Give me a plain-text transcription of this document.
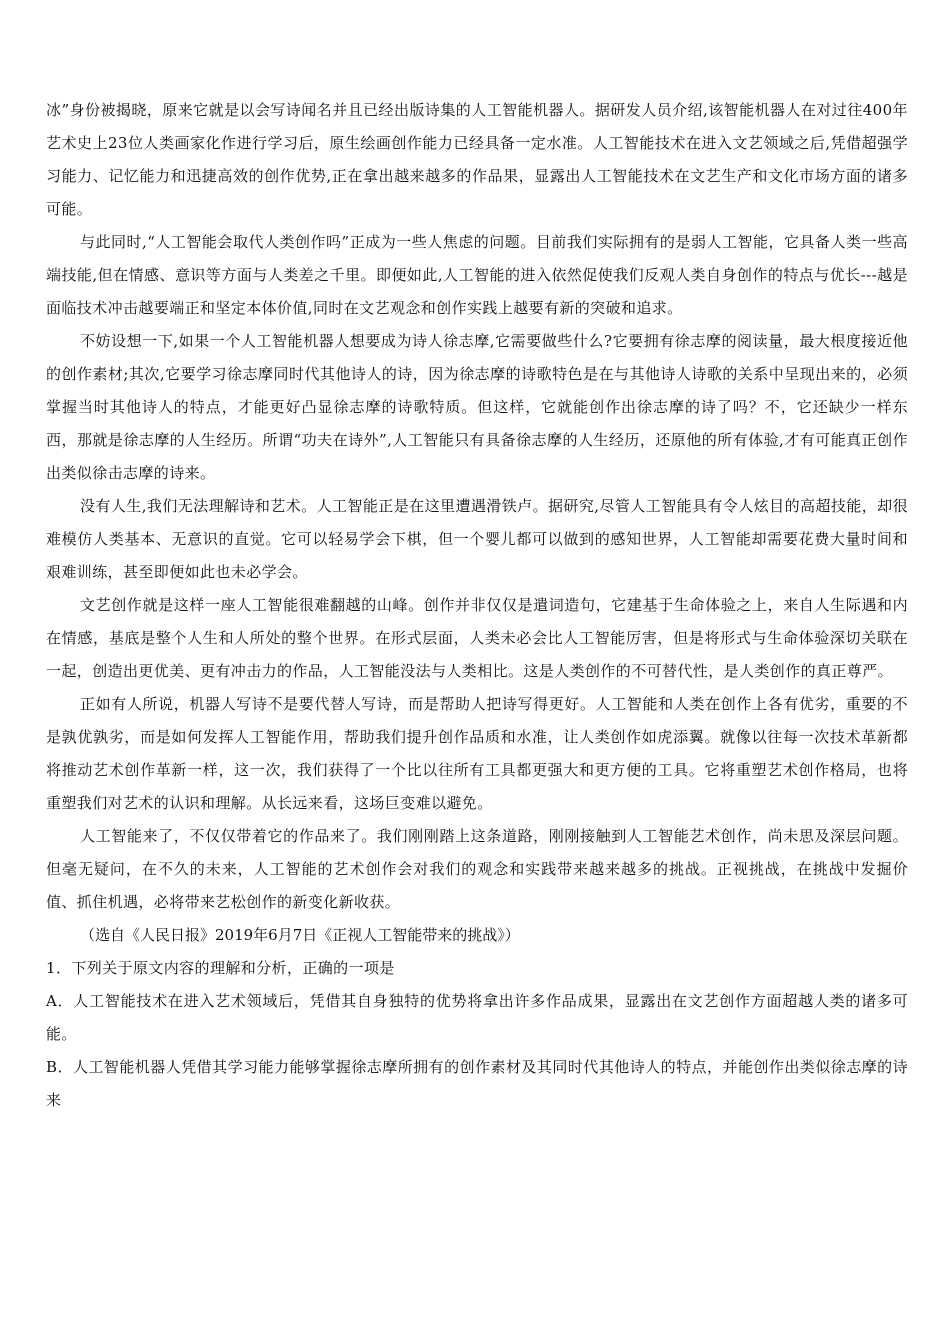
冰”身份被揭晓，原来它就是以会写诗闻名并且已经出版诗集的人工智能机器人。据研发人员介绍,该智能机器人在对过往400年艺术史上23位人类画家化作进行学习后，原生绘画创作能力已经具备一定水准。人工智能技术在进入文艺领域之后,凭借超强学习能力、记忆能力和迅捷高效的创作优势,正在拿出越来越多的作品果，显露出人工智能技术在文艺生产和文化市场方面的诸多可能。

与此同时,“人工智能会取代人类创作吗”正成为一些人焦虑的问题。目前我们实际拥有的是弱人工智能，它具备人类一些高端技能,但在情感、意识等方面与人类差之千里。即便如此,人工智能的进入依然促使我们反观人类自身创作的特点与优长---越是面临技术冲击越要端正和坚定本体价值,同时在文艺观念和创作实践上越要有新的突破和追求。

不妨设想一下,如果一个人工智能机器人想要成为诗人徐志摩,它需要做些什么?它要拥有徐志摩的阅读量，最大根度接近他的创作素材;其次,它要学习徐志摩同时代其他诗人的诗，因为徐志摩的诗歌特色是在与其他诗人诗歌的关系中呈现出来的，必须掌握当时其他诗人的特点，才能更好凸显徐志摩的诗歌特质。但这样，它就能创作出徐志摩的诗了吗？不，它还缺少一样东西，那就是徐志摩的人生经历。所谓“功夫在诗外”,人工智能只有具备徐志摩的人生经历，还原他的所有体验,才有可能真正创作出类似徐击志摩的诗来。

没有人生,我们无法理解诗和艺术。人工智能正是在这里遭遇滑铁卢。据研究,尽管人工智能具有令人炫目的高超技能，却很难模仿人类基本、无意识的直觉。它可以轻易学会下棋，但一个婴儿都可以做到的感知世界，人工智能却需要花费大量时间和艰难训练，甚至即便如此也未必学会。

文艺创作就是这样一座人工智能很难翻越的山峰。创作并非仅仅是遣词造句，它建基于生命体验之上，来自人生际遇和内在情感，基底是整个人生和人所处的整个世界。在形式层面，人类未必会比人工智能厉害，但是将形式与生命体验深切关联在一起，创造出更优美、更有冲击力的作品，人工智能没法与人类相比。这是人类创作的不可替代性，是人类创作的真正尊严。

正如有人所说，机器人写诗不是要代替人写诗，而是帮助人把诗写得更好。人工智能和人类在创作上各有优劣，重要的不是孰优孰劣，而是如何发挥人工智能作用，帮助我们提升创作品质和水准，让人类创作如虎添翼。就像以往每一次技术革新都将推动艺术创作革新一样，这一次，我们获得了一个比以往所有工具都更强大和更方便的工具。它将重塑艺术创作格局，也将重塑我们对艺术的认识和理解。从长远来看，这场巨变难以避免。

人工智能来了，不仅仅带着它的作品来了。我们刚刚踏上这条道路，刚刚接触到人工智能艺术创作，尚未思及深层问题。但毫无疑问，在不久的未来，人工智能的艺术创作会对我们的观念和实践带来越来越多的挑战。正视挑战，在挑战中发掘价值、抓住机遇，必将带来艺松创作的新变化新收获。

（选自《人民日报》2019年6月7日《正视人工智能带来的挑战》）

1．下列关于原文内容的理解和分析，正确的一项是

A．人工智能技术在进入艺术领域后，凭借其自身独特的优势将拿出许多作品成果，显露出在文艺创作方面超越人类的诸多可能。

B．人工智能机器人凭借其学习能力能够掌握徐志摩所拥有的创作素材及其同时代其他诗人的特点，并能创作出类似徐志摩的诗来
